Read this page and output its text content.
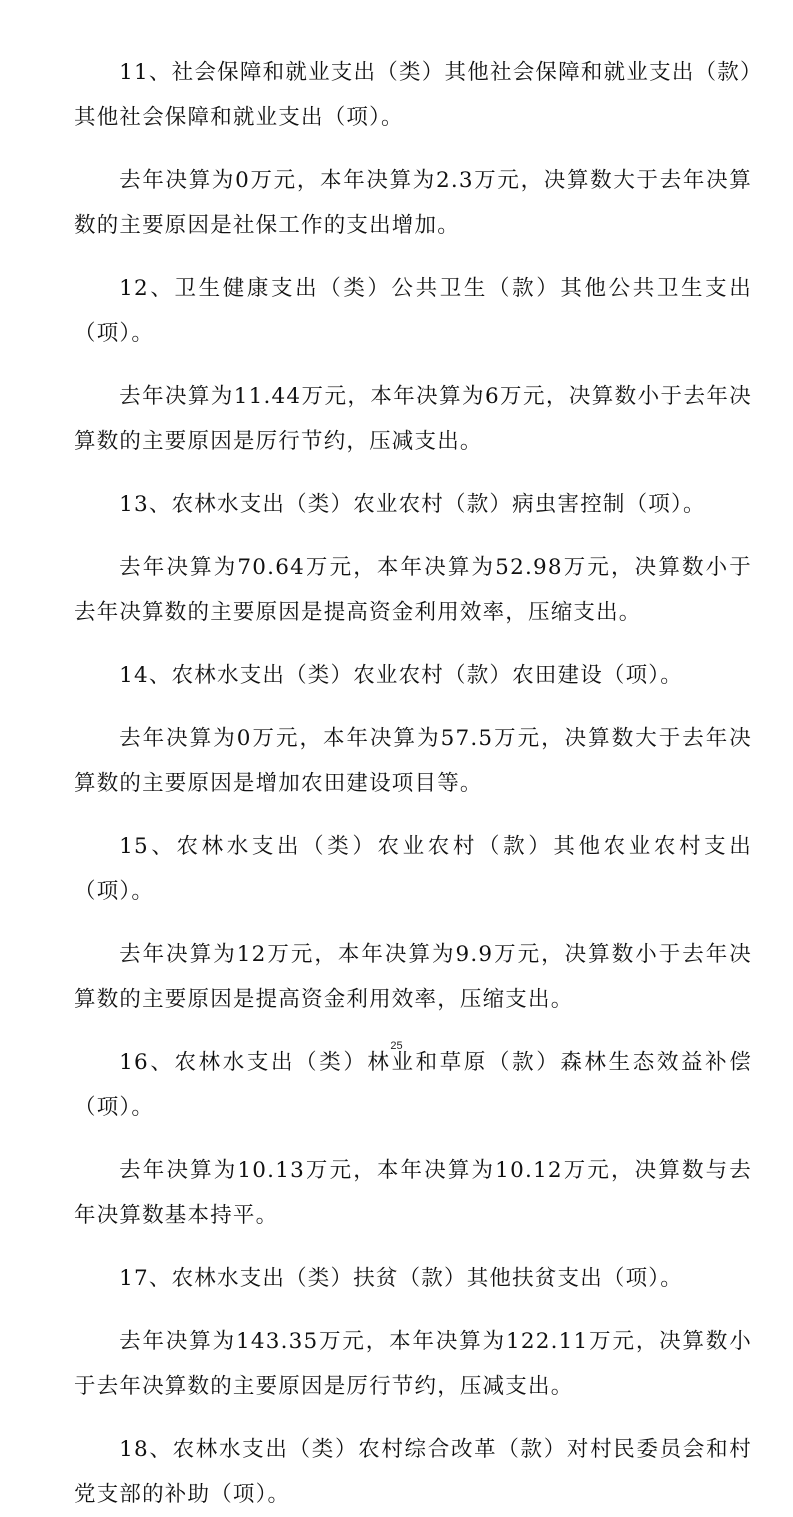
11、社会保障和就业支出（类）其他社会保障和就业支出（款）其他社会保障和就业支出（项）。

去年决算为0万元，本年决算为2.3万元，决算数大于去年决算数的主要原因是社保工作的支出增加。

12、卫生健康支出（类）公共卫生（款）其他公共卫生支出（项）。

去年决算为11.44万元，本年决算为6万元，决算数小于去年决算数的主要原因是厉行节约，压减支出。

13、农林水支出（类）农业农村（款）病虫害控制（项）。

去年决算为70.64万元，本年决算为52.98万元，决算数小于去年决算数的主要原因是提高资金利用效率，压缩支出。

14、农林水支出（类）农业农村（款）农田建设（项）。

去年决算为0万元，本年决算为57.5万元，决算数大于去年决算数的主要原因是增加农田建设项目等。

15、农林水支出（类）农业农村（款）其他农业农村支出（项）。

去年决算为12万元，本年决算为9.9万元，决算数小于去年决算数的主要原因是提高资金利用效率，压缩支出。

16、农林水支出（类）林业和草原（款）森林生态效益补偿（项）。

去年决算为10.13万元，本年决算为10.12万元，决算数与去年决算数基本持平。

17、农林水支出（类）扶贫（款）其他扶贫支出（项）。

去年决算为143.35万元，本年决算为122.11万元，决算数小于去年决算数的主要原因是厉行节约，压减支出。

18、农林水支出（类）农村综合改革（款）对村民委员会和村党支部的补助（项）。

25
